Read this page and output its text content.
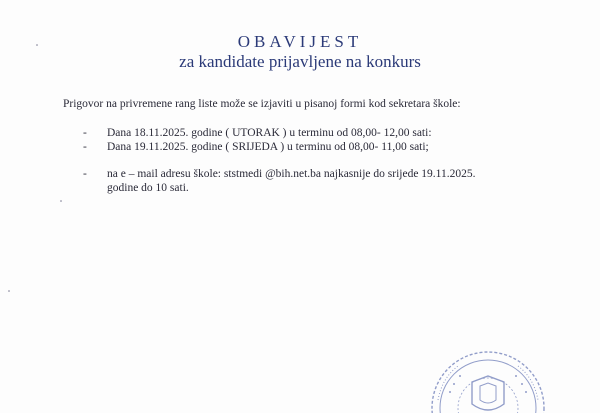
OBAVIJEST
za kandidate prijavljene na konkurs
Prigovor na privremene rang liste može se izjaviti u pisanoj formi kod sekretara škole:
- Dana 18.11.2025. godine ( UTORAK ) u terminu od 08,00- 12,00 sati:
- Dana 19.11.2025. godine ( SRIJEDA ) u terminu od 08,00- 11,00 sati;
- na e – mail adresu škole: ststmedi @bih.net.ba najkasnije do srijede 19.11.2025.
godine do 10 sati.
